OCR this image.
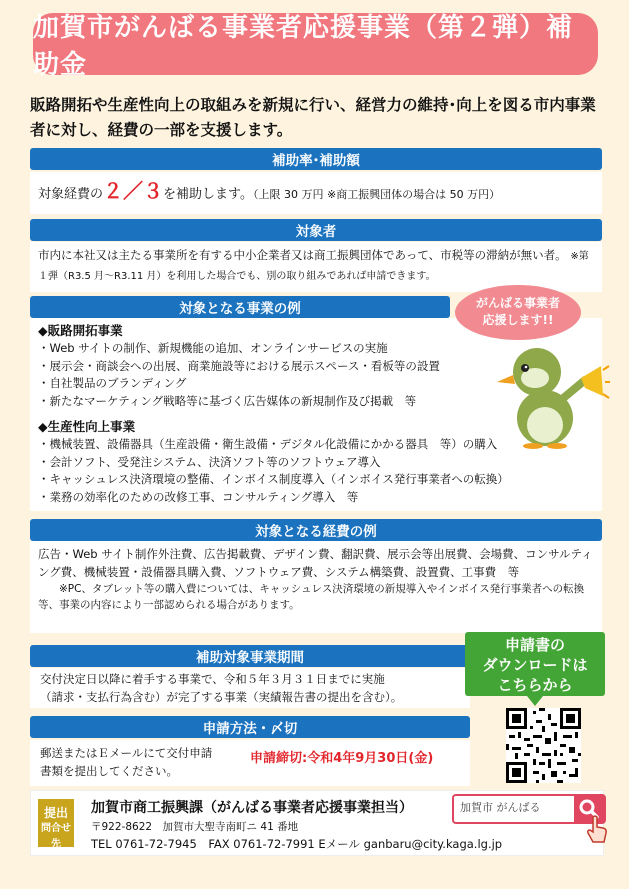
加賀市がんばる事業者応援事業（第２弾）補助金
販路開拓や生産性向上の取組みを新規に行い、経営力の維持･向上を図る市内事業者に対し、経費の一部を支援します。
補助率･補助額
対象経費の２／３を補助します。（上限 30 万円 ※商工振興団体の場合は 50 万円）
対象者
市内に本社又は主たる事業所を有する中小企業者又は商工振興団体であって、市税等の滞納が無い者。 ※第１弾（R3.5 月～R3.11 月）を利用した場合でも、別の取り組みであれば申請できます。
対象となる事業の例
◆販路開拓事業
・Web サイトの制作、新規機能の追加、オンラインサービスの実施
・展示会・商談会への出展、商業施設等における展示スペース・看板等の設置
・自社製品のブランディング
・新たなマーケティング戦略等に基づく広告媒体の新規制作及び掲載　等
◆生産性向上事業
・機械装置、設備器具（生産設備・衛生設備・デジタル化設備にかかる器具　等）の購入
・会計ソフト、受発注システム、決済ソフト等のソフトウェア導入
・キャッシュレス決済環境の整備、インボイス制度導入（インボイス発行事業者への転換）
・業務の効率化のための改修工事、コンサルティング導入　等
がんばる事業者
応援します!!
対象となる経費の例
広告・Web サイト制作外注費、広告掲載費、デザイン費、翻訳費、展示会等出展費、会場費、コンサルティング費、機械装置・設備器具購入費、ソフトウェア費、システム構築費、設置費、工事費　等
※PC、タブレット等の購入費については、キャッシュレス決済環境の新規導入やインボイス発行事業者への転換等、事業の内容により一部認められる場合があります。
補助対象事業期間
交付決定日以降に着手する事業で、令和５年３月３１日までに実施
（請求・支払行為含む）が完了する事業（実績報告書の提出を含む）。
申請方法・〆切
郵送またはＥメールにて交付申請
書類を提出してください。
申請締切:令和4年9月30日(金)
申請書の
ダウンロードは
こちらから
提出
問合せ先
加賀市商工振興課（がんばる事業者応援事業担当）
〒922-8622　加賀市大聖寺南町ニ 41 番地
TEL 0761-72-7945　FAX 0761-72-7991 Eメール ganbaru@city.kaga.lg.jp
加賀市 がんばる
